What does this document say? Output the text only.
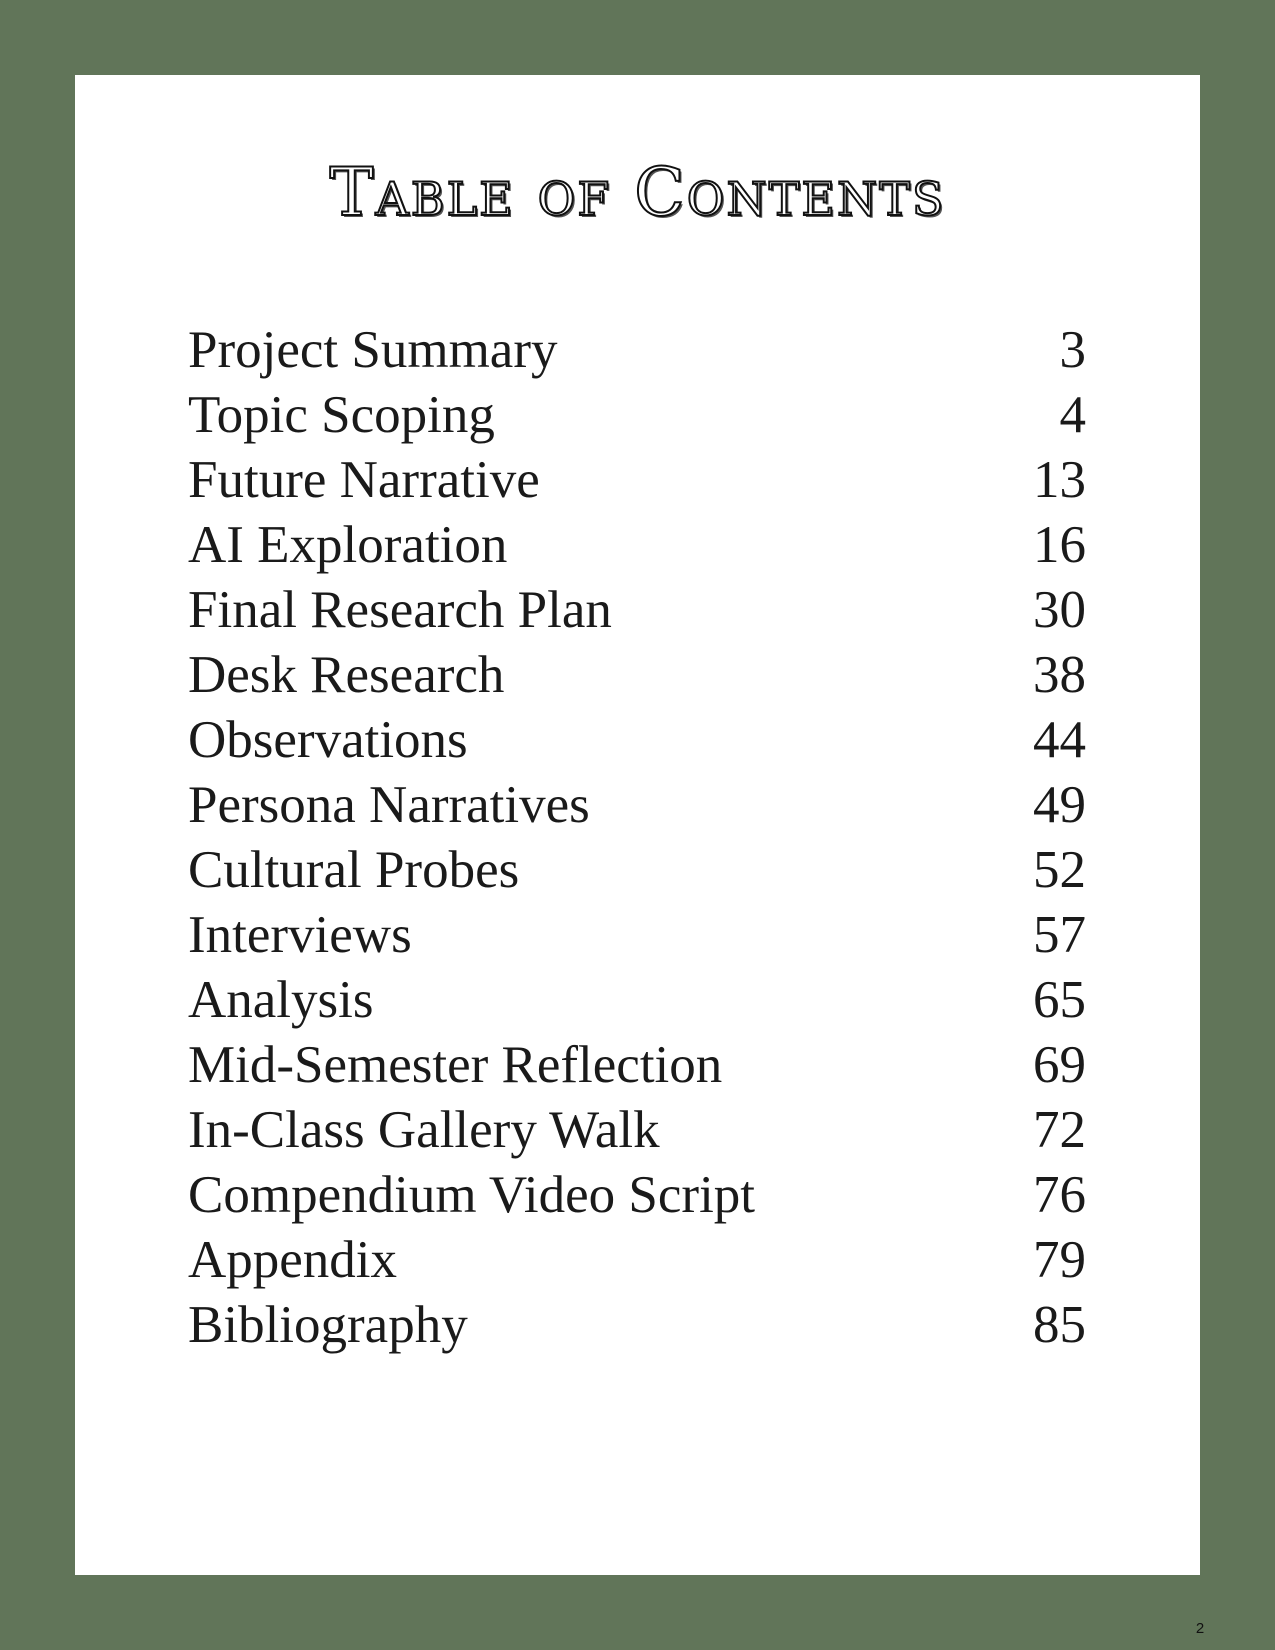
Table of Contents
Project Summary	3
Topic Scoping	4
Future Narrative	13
AI Exploration	16
Final Research Plan	30
Desk Research	38
Observations	44
Persona Narratives	49
Cultural Probes	52
Interviews	57
Analysis	65
Mid-Semester Reflection	69
In-Class Gallery Walk	72
Compendium Video Script	76
Appendix	79
Bibliography	85

2
